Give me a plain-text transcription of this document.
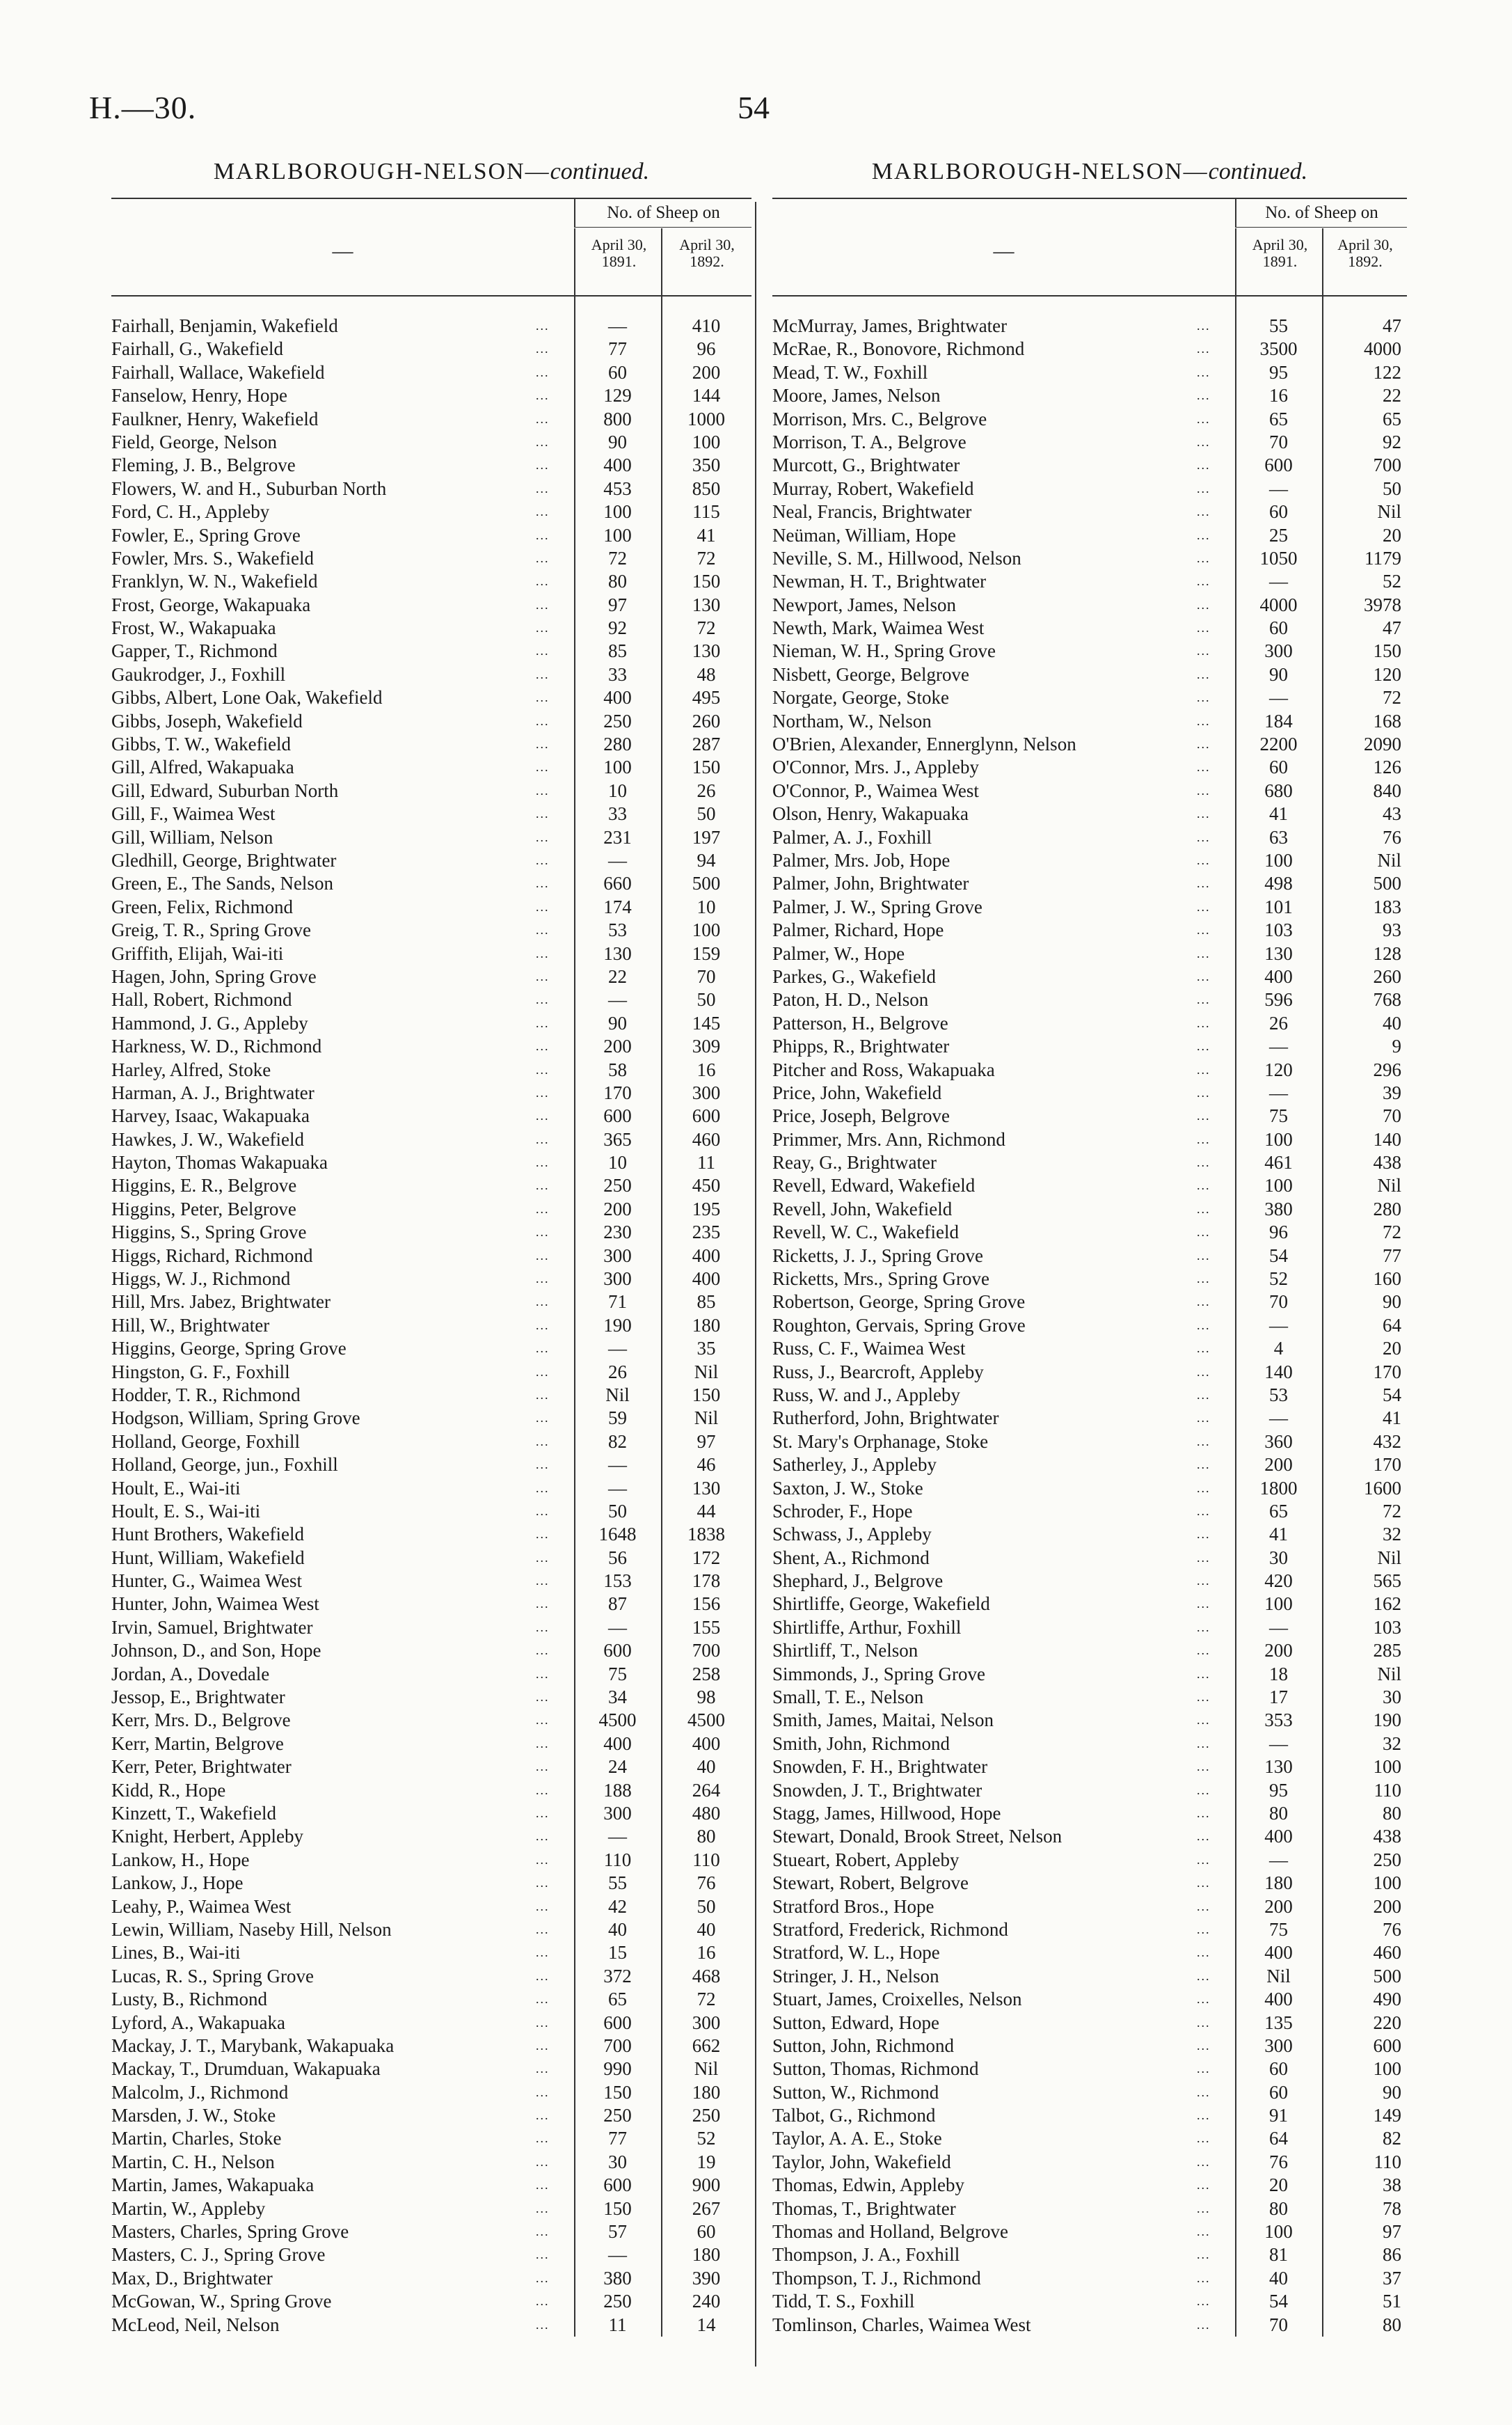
H.—30.	54
MARLBOROUGH-NELSON—continued.
—
No. of Sheep on
April 30,
1891.
April 30,
1892.
Fairhall, Benjamin, Wakefield	...	—	410
Fairhall, G., Wakefield	...	77	96
Fairhall, Wallace, Wakefield	...	60	200
Fanselow, Henry, Hope	...	129	144
Faulkner, Henry, Wakefield	...	800	1000
Field, George, Nelson	...	90	100
Fleming, J. B., Belgrove	...	400	350
Flowers, W. and H., Suburban North	...	453	850
Ford, C. H., Appleby	...	100	115
Fowler, E., Spring Grove	...	100	41
Fowler, Mrs. S., Wakefield	...	72	72
Franklyn, W. N., Wakefield	...	80	150
Frost, George, Wakapuaka	...	97	130
Frost, W., Wakapuaka	...	92	72
Gapper, T., Richmond	...	85	130
Gaukrodger, J., Foxhill	...	33	48
Gibbs, Albert, Lone Oak, Wakefield	...	400	495
Gibbs, Joseph, Wakefield	...	250	260
Gibbs, T. W., Wakefield	...	280	287
Gill, Alfred, Wakapuaka	...	100	150
Gill, Edward, Suburban North	...	10	26
Gill, F., Waimea West	...	33	50
Gill, William, Nelson	...	231	197
Gledhill, George, Brightwater	...	—	94
Green, E., The Sands, Nelson	...	660	500
Green, Felix, Richmond	...	174	10
Greig, T. R., Spring Grove	...	53	100
Griffith, Elijah, Wai-iti	...	130	159
Hagen, John, Spring Grove	...	22	70
Hall, Robert, Richmond	...	—	50
Hammond, J. G., Appleby	...	90	145
Harkness, W. D., Richmond	...	200	309
Harley, Alfred, Stoke	...	58	16
Harman, A. J., Brightwater	...	170	300
Harvey, Isaac, Wakapuaka	...	600	600
Hawkes, J. W., Wakefield	...	365	460
Hayton, Thomas Wakapuaka	...	10	11
Higgins, E. R., Belgrove	...	250	450
Higgins, Peter, Belgrove	...	200	195
Higgins, S., Spring Grove	...	230	235
Higgs, Richard, Richmond	...	300	400
Higgs, W. J., Richmond	...	300	400
Hill, Mrs. Jabez, Brightwater	...	71	85
Hill, W., Brightwater	...	190	180
Higgins, George, Spring Grove	...	—	35
Hingston, G. F., Foxhill	...	26	Nil
Hodder, T. R., Richmond	...	Nil	150
Hodgson, William, Spring Grove	...	59	Nil
Holland, George, Foxhill	...	82	97
Holland, George, jun., Foxhill	...	—	46
Hoult, E., Wai-iti	...	—	130
Hoult, E. S., Wai-iti	...	50	44
Hunt Brothers, Wakefield	...	1648	1838
Hunt, William, Wakefield	...	56	172
Hunter, G., Waimea West	...	153	178
Hunter, John, Waimea West	...	87	156
Irvin, Samuel, Brightwater	...	—	155
Johnson, D., and Son, Hope	...	600	700
Jordan, A., Dovedale	...	75	258
Jessop, E., Brightwater	...	34	98
Kerr, Mrs. D., Belgrove	...	4500	4500
Kerr, Martin, Belgrove	...	400	400
Kerr, Peter, Brightwater	...	24	40
Kidd, R., Hope	...	188	264
Kinzett, T., Wakefield	...	300	480
Knight, Herbert, Appleby	...	—	80
Lankow, H., Hope	...	110	110
Lankow, J., Hope	...	55	76
Leahy, P., Waimea West	...	42	50
Lewin, William, Naseby Hill, Nelson	...	40	40
Lines, B., Wai-iti	...	15	16
Lucas, R. S., Spring Grove	...	372	468
Lusty, B., Richmond	...	65	72
Lyford, A., Wakapuaka	...	600	300
Mackay, J. T., Marybank, Wakapuaka	...	700	662
Mackay, T., Drumduan, Wakapuaka	...	990	Nil
Malcolm, J., Richmond	...	150	180
Marsden, J. W., Stoke	...	250	250
Martin, Charles, Stoke	...	77	52
Martin, C. H., Nelson	...	30	19
Martin, James, Wakapuaka	...	600	900
Martin, W., Appleby	...	150	267
Masters, Charles, Spring Grove	...	57	60
Masters, C. J., Spring Grove	...	—	180
Max, D., Brightwater	...	380	390
McGowan, W., Spring Grove	...	250	240
McLeod, Neil, Nelson	...	11	14
MARLBOROUGH-NELSON—continued.
—
No. of Sheep on
April 30,
1891.
April 30,
1892.
McMurray, James, Brightwater	...	55	47
McRae, R., Bonovore, Richmond	...	3500	4000
Mead, T. W., Foxhill	...	95	122
Moore, James, Nelson	...	16	22
Morrison, Mrs. C., Belgrove	...	65	65
Morrison, T. A., Belgrove	...	70	92
Murcott, G., Brightwater	...	600	700
Murray, Robert, Wakefield	...	—	50
Neal, Francis, Brightwater	...	60	Nil
Neüman, William, Hope	...	25	20
Neville, S. M., Hillwood, Nelson	...	1050	1179
Newman, H. T., Brightwater	...	—	52
Newport, James, Nelson	...	4000	3978
Newth, Mark, Waimea West	...	60	47
Nieman, W. H., Spring Grove	...	300	150
Nisbett, George, Belgrove	...	90	120
Norgate, George, Stoke	...	—	72
Northam, W., Nelson	...	184	168
O'Brien, Alexander, Ennerglynn, Nelson	...	2200	2090
O'Connor, Mrs. J., Appleby	...	60	126
O'Connor, P., Waimea West	...	680	840
Olson, Henry, Wakapuaka	...	41	43
Palmer, A. J., Foxhill	...	63	76
Palmer, Mrs. Job, Hope	...	100	Nil
Palmer, John, Brightwater	...	498	500
Palmer, J. W., Spring Grove	...	101	183
Palmer, Richard, Hope	...	103	93
Palmer, W., Hope	...	130	128
Parkes, G., Wakefield	...	400	260
Paton, H. D., Nelson	...	596	768
Patterson, H., Belgrove	...	26	40
Phipps, R., Brightwater	...	—	9
Pitcher and Ross, Wakapuaka	...	120	296
Price, John, Wakefield	...	—	39
Price, Joseph, Belgrove	...	75	70
Primmer, Mrs. Ann, Richmond	...	100	140
Reay, G., Brightwater	...	461	438
Revell, Edward, Wakefield	...	100	Nil
Revell, John, Wakefield	...	380	280
Revell, W. C., Wakefield	...	96	72
Ricketts, J. J., Spring Grove	...	54	77
Ricketts, Mrs., Spring Grove	...	52	160
Robertson, George, Spring Grove	...	70	90
Roughton, Gervais, Spring Grove	...	—	64
Russ, C. F., Waimea West	...	4	20
Russ, J., Bearcroft, Appleby	...	140	170
Russ, W. and J., Appleby	...	53	54
Rutherford, John, Brightwater	...	—	41
St. Mary's Orphanage, Stoke	...	360	432
Satherley, J., Appleby	...	200	170
Saxton, J. W., Stoke	...	1800	1600
Schroder, F., Hope	...	65	72
Schwass, J., Appleby	...	41	32
Shent, A., Richmond	...	30	Nil
Shephard, J., Belgrove	...	420	565
Shirtliffe, George, Wakefield	...	100	162
Shirtliffe, Arthur, Foxhill	...	—	103
Shirtliff, T., Nelson	...	200	285
Simmonds, J., Spring Grove	...	18	Nil
Small, T. E., Nelson	...	17	30
Smith, James, Maitai, Nelson	...	353	190
Smith, John, Richmond	...	—	32
Snowden, F. H., Brightwater	...	130	100
Snowden, J. T., Brightwater	...	95	110
Stagg, James, Hillwood, Hope	...	80	80
Stewart, Donald, Brook Street, Nelson	...	400	438
Stueart, Robert, Appleby	...	—	250
Stewart, Robert, Belgrove	...	180	100
Stratford Bros., Hope	...	200	200
Stratford, Frederick, Richmond	...	75	76
Stratford, W. L., Hope	...	400	460
Stringer, J. H., Nelson	...	Nil	500
Stuart, James, Croixelles, Nelson	...	400	490
Sutton, Edward, Hope	...	135	220
Sutton, John, Richmond	...	300	600
Sutton, Thomas, Richmond	...	60	100
Sutton, W., Richmond	...	60	90
Talbot, G., Richmond	...	91	149
Taylor, A. A. E., Stoke	...	64	82
Taylor, John, Wakefield	...	76	110
Thomas, Edwin, Appleby	...	20	38
Thomas, T., Brightwater	...	80	78
Thomas and Holland, Belgrove	...	100	97
Thompson, J. A., Foxhill	...	81	86
Thompson, T. J., Richmond	...	40	37
Tidd, T. S., Foxhill	...	54	51
Tomlinson, Charles, Waimea West	...	70	80
